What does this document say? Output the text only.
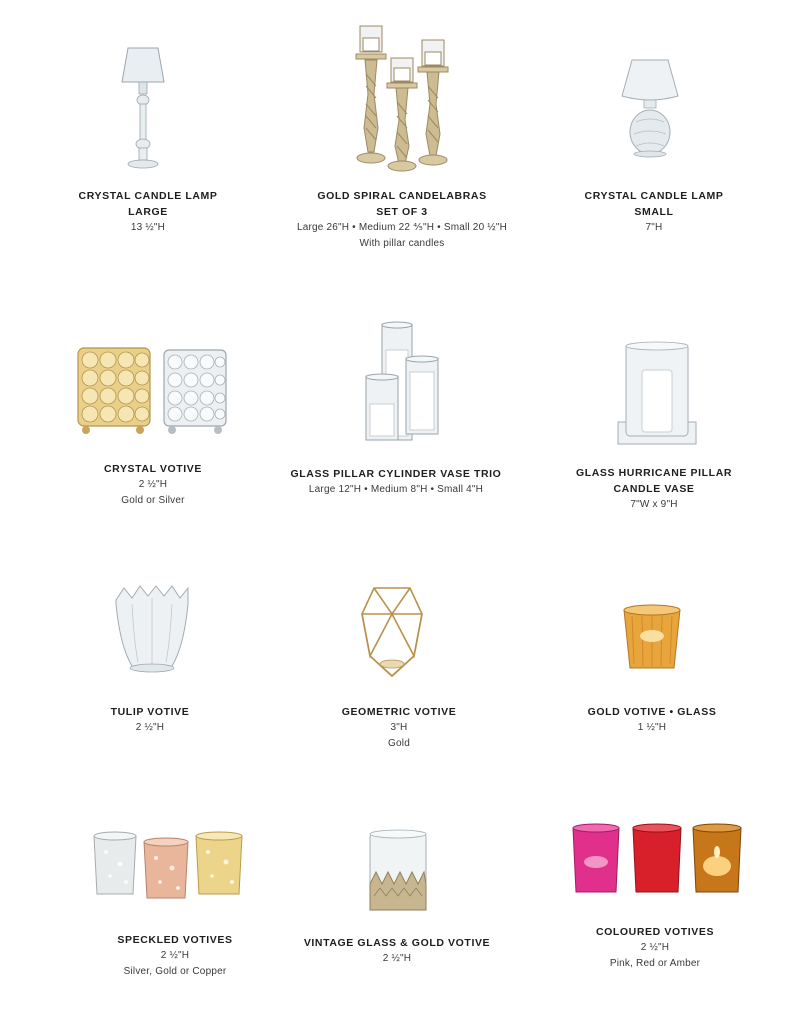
CRYSTAL CANDLE LAMP
LARGE
13 ½"H
GOLD SPIRAL CANDELABRAS
SET OF 3
Large 26"H • Medium 22 ⅘"H • Small 20 ½"H
With pillar candles
CRYSTAL CANDLE LAMP
SMALL
7"H
CRYSTAL VOTIVE
2 ½"H
Gold or Silver
GLASS PILLAR CYLINDER VASE TRIO
Large 12"H • Medium 8"H • Small 4"H
GLASS HURRICANE PILLAR
CANDLE VASE
7"W x 9"H
TULIP VOTIVE
2 ½"H
GEOMETRIC VOTIVE
3"H
Gold
GOLD VOTIVE • GLASS
1 ½"H
SPECKLED VOTIVES
2 ½"H
Silver, Gold or Copper
VINTAGE GLASS & GOLD VOTIVE
2 ½"H
COLOURED VOTIVES
2 ½"H
Pink, Red or Amber
